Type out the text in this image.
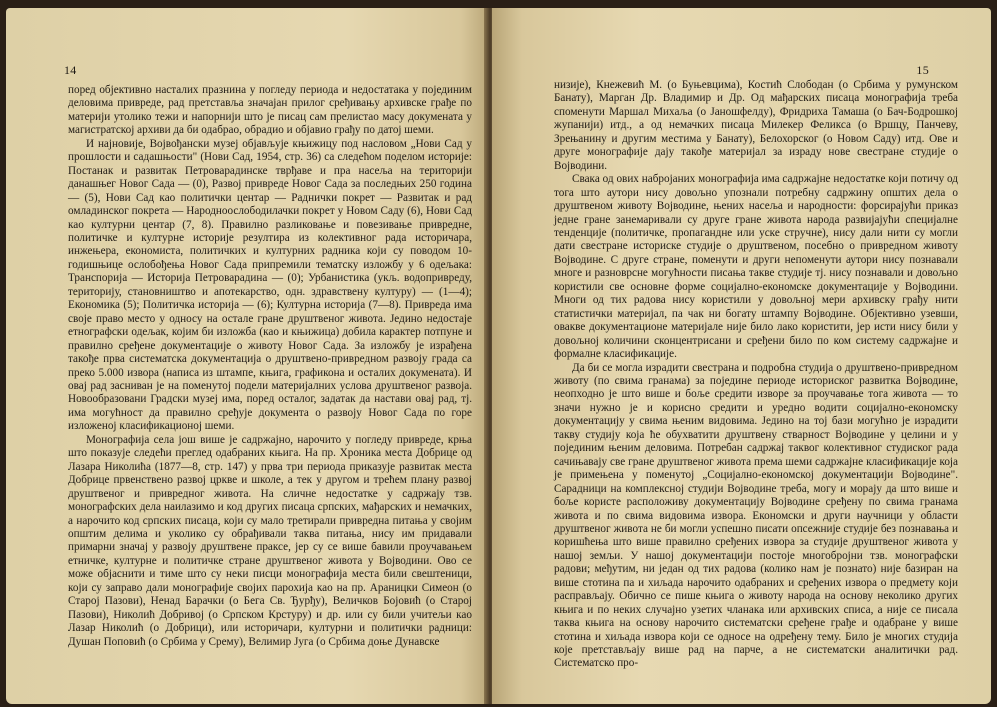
14

поред објективно насталих празнина у погледу периода и недостатака у појединим деловима привреде, рад претставља значајан прилог сређивању архивске грађе по материји утолико тежи и напорнији што је писац сам прелистао масу докумената у магистратској архиви да би одабрао, обрадио и објавио грађу по датој шеми.

И најновије, Војвођански музеј објављује књижицу под насловом „Нови Сад у прошлости и садашњости" (Нови Сад, 1954, стр. 36) са следећом поделом историје: Постанак и развитак Петроварадинске тврђаве и пра насеља на територији данашњег Новог Сада — (0), Развој привреде Новог Сада за последњих 250 година — (5), Нови Сад као политички центар — Раднички покрет — Развитак и рад омладинског покрета — Народноослободилачки покрет у Новом Саду (6), Нови Сад као културни центар (7, 8). Правилно разликовање и повезивање привредне, политичке и културне историје резултира из колективног рада историчара, инжењера, економиста, политичких и културних радника који су поводом 10-годишњице ослобођења Новог Сада припремили тематску изложбу у 6 одељака: Транспорија — Историја Петроварадина — (0); Урбанистика (укљ. водопривреду, територију, становништво и апотекарство, одн. здравствену културу) — (1—4); Економика (5); Политичка историја — (6); Културна историја (7—8). Привреда има своје право место у односу на остале гране друштвеног живота. Једино недостаје етнографски одељак, којим би изложба (као и књижица) добила карактер потпуне и правилно сређене документације о животу Новог Сада. За изложбу је израђена такође прва систематска документација о друштвено-привредном развоју града са преко 5.000 извора (написа из штампе, књига, графикона и осталих докумената). И овај рад засниван је на поменутој подели материјалних услова друштвеног развоја. Новообразовани Градски музеј има, поред осталог, задатак да настави овај рад, тј. има могућност да правилно сређује документа о развоју Новог Сада по горе изложеној класификационој шеми.

Монографија села још више је садржајно, нарочито у погледу привреде, крња што показује следећи преглед одабраних књига. На пр. Хроника места Добрице од Лазара Николића (1877—8, стр. 147) у прва три периода приказује развитак места Добрице првенствено развој цркве и школе, а тек у другом и трећем плану развој друштвеног и привредног живота. На сличне недостатке у садржају тзв. монографских дела наилазимо и код других писаца српских, мађарских и немачких, а нарочито код српских писаца, који су мало третирали привредна питања у својим општим делима и уколико су обрађивали таква питања, нису им придавали примарни значај у развоју друштвене праксе, јер су се више бавили проучавањем етничке, културне и политичке стране друштвеног живота у Војводини. Ово се може објаснити и тиме што су неки писци монографија места били свештеници, који су заправо дали монографије својих парохија као на пр. Араницки Симеон (о Старој Пазови), Ненад Барачки (о Бега Св. Ђурђу), Величков Бојовић (о Старој Пазови), Николић Добривој (о Српском Крстуру) и др. или су били учитељи као Лазар Николић (о Добрици), или историчари, културни и политички радници: Душан Поповић (о Србима у Срему), Велимир Југа (о Србима доње Дунавске

15

низије), Кнежевић М. (о Буњевцима), Костић Слободан (о Србима у румунском Банату), Марган Др. Владимир и Др. Од мађарских писаца монографија треба споменути Маршал Михаља (о Јаношфелду), Фридриха Тамаша (о Бач-Бодрошкој жупанији) итд., а од немачких писаца Милекер Феликса (о Вршцу, Панчеву, Зрењанину и другим местима у Банату), Белохорског (о Новом Саду) итд. Ове и друге монографије дају такође материјал за израду нове свестране студије о Војводини.

Свака од ових набројаних монографија има садржајне недостатке који потичу од тога што аутори нису довољно упознали потребну садржину општих дела о друштвеном животу Војводине, њених насеља и народности: форсирајући приказ једне гране занемаривали су друге гране живота народа развијајући специјалне тенденције (политичке, пропагандне или уске стручне), нису дали нити су могли дати свестране историске студије о друштвеном, посебно о привредном животу Војводине. С друге стране, поменути и други непоменути аутори нису познавали многе и разноврсне могућности писања такве студије тј. нису познавали и довољно користили све основне форме социјално-економске документације у Војводини. Многи од тих радова нису користили у довољној мери архивску грађу нити статистички материјал, па чак ни богату штампу Војводине. Објективно узевши, овакве документационе материјале није било лако користити, јер исти нису били у довољној количини сконцентрисани и сређени било по ком систему садржајне и формалне класификације.

Да би се могла израдити свестрана и подробна студија о друштвено-привредном животу (по свима гранама) за поједине периоде историског развитка Војводине, неопходно је што више и боље средити изворе за проучавање тога живота — то значи нужно је и корисно средити и уредно водити социјално-економску документацију у свима њеним видовима. Једино на тој бази могућно је израдити такву студију која ће обухватити друштвену стварност Војводине у целини и у појединим њеним деловима. Потребан садржај таквог колективног студиског рада сачињавају све гране друштвеног живота према шеми садржајне класификације која је примењена у поменутој „Социјално-економској документацији Војводине". Сарадници на комплексној студији Војводине треба, могу и морају да што више и боље користе расположиву документацију Војводине сређену по свима гранама живота и по свима видовима извора. Економски и други научници у области друштвеног живота не би могли успешно писати опсежније студије без познавања и коришћења што више правилно сређених извора за студије друштвеног живота у нашој земљи. У нашој документацији постоје многобројни тзв. монографски радови; међутим, ни један од тих радова (колико нам је познато) није базиран на више стотина па и хиљада нарочито одабраних и сређених извора о предмету који расправљају. Обично се пише књига о животу народа на основу неколико других књига и по неких случајно узетих чланака или архивских списа, а није се писала таква књига на основу нарочито систематски сређене грађе и одабране у више стотина и хиљада извора који се односе на одређену тему. Било је многих студија које претстављају више рад на парче, а не систематски аналитички рад. Систематско про-
